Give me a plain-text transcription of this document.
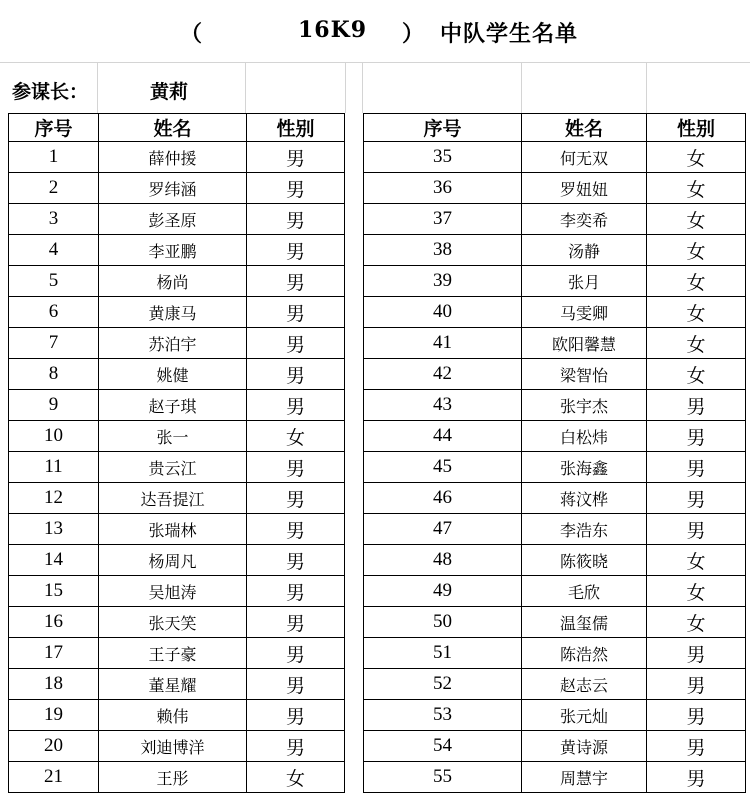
（	16K9 ） 中队学生名单
参谋长：	黄莉
序号	姓名	性别
1	薛仲援	男
2	罗纬涵	男
3	彭圣原	男
4	李亚鹏	男
5	杨尚	男
6	黄康马	男
7	苏泊宇	男
8	姚健	男
9	赵子琪	男
10	张一	女
11	贵云江	男
12	达吾提江	男
13	张瑞林	男
14	杨周凡	男
15	吴旭涛	男
16	张天笑	男
17	王子豪	男
18	董星耀	男
19	赖伟	男
20	刘迪博洋	男
21	王彤	女
序号	姓名	性别
35	何无双	女
36	罗妞妞	女
37	李奕希	女
38	汤静	女
39	张月	女
40	马雯卿	女
41	欧阳馨慧	女
42	梁智怡	女
43	张宇杰	男
44	白松炜	男
45	张海鑫	男
46	蒋汶桦	男
47	李浩东	男
48	陈筱晓	女
49	毛欣	女
50	温玺儒	女
51	陈浩然	男
52	赵志云	男
53	张元灿	男
54	黄诗源	男
55	周慧宇	男
